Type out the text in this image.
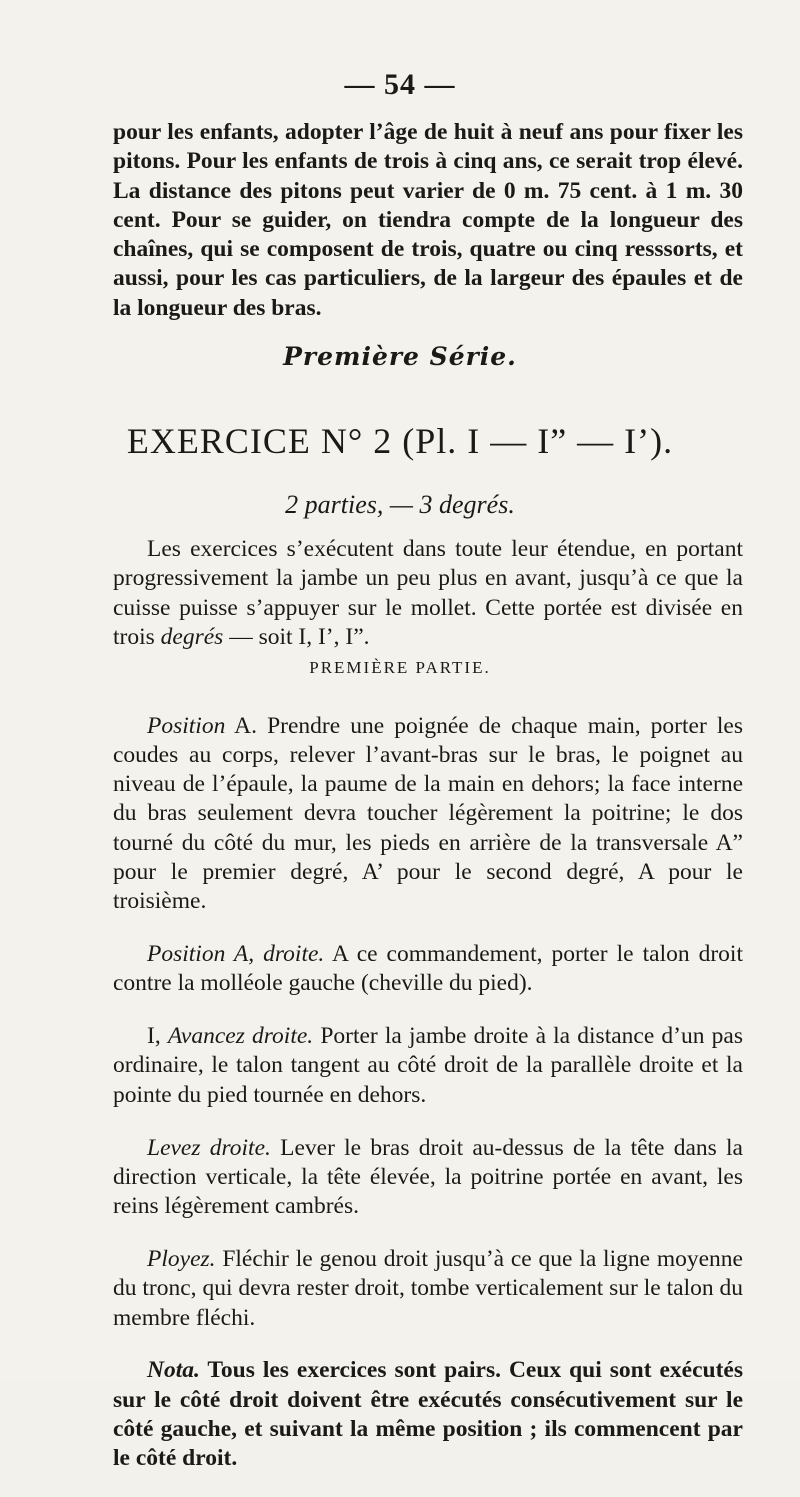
— 54 —

pour les enfants, adopter l’âge de huit à neuf ans pour fixer les pitons. Pour les enfants de trois à cinq ans, ce serait trop élevé. La distance des pitons peut varier de 0 m. 75 cent. à 1 m. 30 cent. Pour se guider, on tiendra compte de la longueur des chaînes, qui se composent de trois, quatre ou cinq resssorts, et aussi, pour les cas particuliers, de la largeur des épaules et de la longueur des bras.

Première Série.
EXERCICE N° 2 (Pl. I — I” — I’).
2 parties, — 3 degrés.
Les exercices s’exécutent dans toute leur étendue, en portant progressivement la jambe un peu plus en avant, jusqu’à ce que la cuisse puisse s’appuyer sur le mollet. Cette portée est divisée en trois degrés — soit I, I’, I”.
PREMIÈRE PARTIE.

Position A. Prendre une poignée de chaque main, porter les coudes au corps, relever l’avant-bras sur le bras, le poignet au niveau de l’épaule, la paume de la main en dehors; la face interne du bras seulement devra toucher légèrement la poitrine; le dos tourné du côté du mur, les pieds en arrière de la transversale A” pour le premier degré, A’ pour le second degré, A pour le troisième.

Position A, droite. A ce commandement, porter le talon droit contre la molléole gauche (cheville du pied).

I, Avancez droite. Porter la jambe droite à la distance d’un pas ordinaire, le talon tangent au côté droit de la parallèle droite et la pointe du pied tournée en dehors.

Levez droite. Lever le bras droit au-dessus de la tête dans la direction verticale, la tête élevée, la poitrine portée en avant, les reins légèrement cambrés.

Ployez. Fléchir le genou droit jusqu’à ce que la ligne moyenne du tronc, qui devra rester droit, tombe verticalement sur le talon du membre fléchi.

Nota. Tous les exercices sont pairs. Ceux qui sont exécutés sur le côté droit doivent être exécutés consécutivement sur le côté gauche, et suivant la même position ; ils commencent par le côté droit.
